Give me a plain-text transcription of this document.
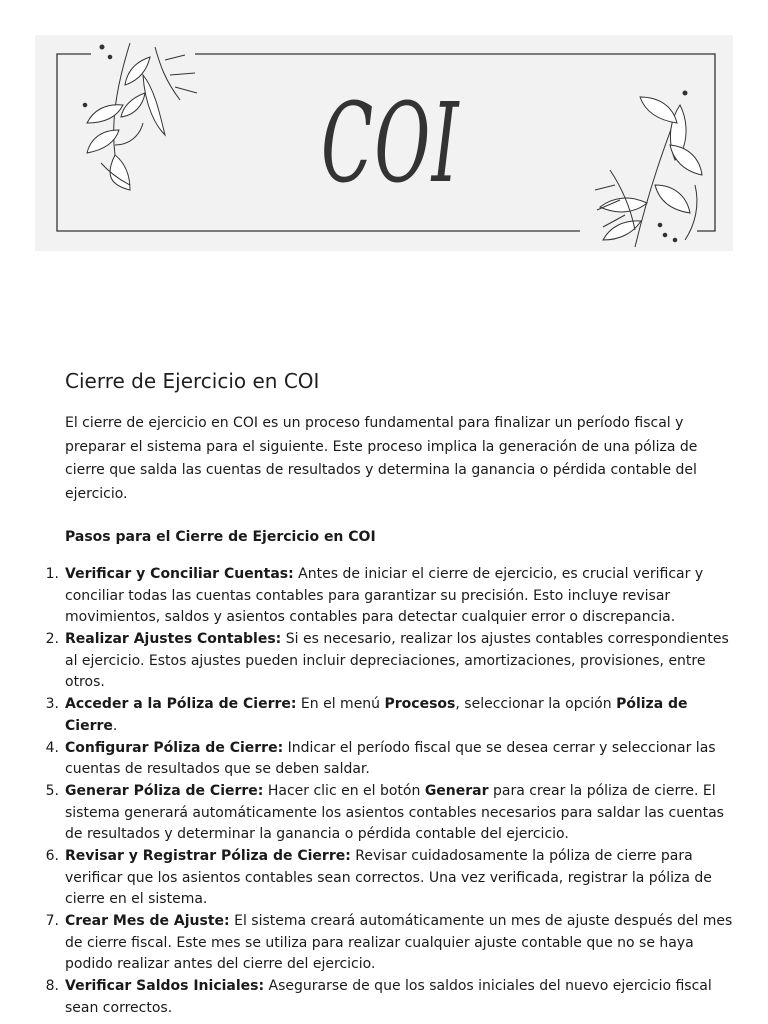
COI
Cierre de Ejercicio en COI

El cierre de ejercicio en COI es un proceso fundamental para finalizar un período fiscal y preparar el sistema para el siguiente. Este proceso implica la generación de una póliza de cierre que salda las cuentas de resultados y determina la ganancia o pérdida contable del ejercicio.

Pasos para el Cierre de Ejercicio en COI
Verificar y Conciliar Cuentas: Antes de iniciar el cierre de ejercicio, es crucial verificar y conciliar todas las cuentas contables para garantizar su precisión. Esto incluye revisar movimientos, saldos y asientos contables para detectar cualquier error o discrepancia.
Realizar Ajustes Contables: Si es necesario, realizar los ajustes contables correspondientes al ejercicio. Estos ajustes pueden incluir depreciaciones, amortizaciones, provisiones, entre otros.
Acceder a la Póliza de Cierre: En el menú Procesos, seleccionar la opción Póliza de Cierre.
Configurar Póliza de Cierre: Indicar el período fiscal que se desea cerrar y seleccionar las cuentas de resultados que se deben saldar.
Generar Póliza de Cierre: Hacer clic en el botón Generar para crear la póliza de cierre. El sistema generará automáticamente los asientos contables necesarios para saldar las cuentas de resultados y determinar la ganancia o pérdida contable del ejercicio.
Revisar y Registrar Póliza de Cierre: Revisar cuidadosamente la póliza de cierre para verificar que los asientos contables sean correctos. Una vez verificada, registrar la póliza de cierre en el sistema.
Crear Mes de Ajuste: El sistema creará automáticamente un mes de ajuste después del mes de cierre fiscal. Este mes se utiliza para realizar cualquier ajuste contable que no se haya podido realizar antes del cierre del ejercicio.
Verificar Saldos Iniciales: Asegurarse de que los saldos iniciales del nuevo ejercicio fiscal sean correctos.
